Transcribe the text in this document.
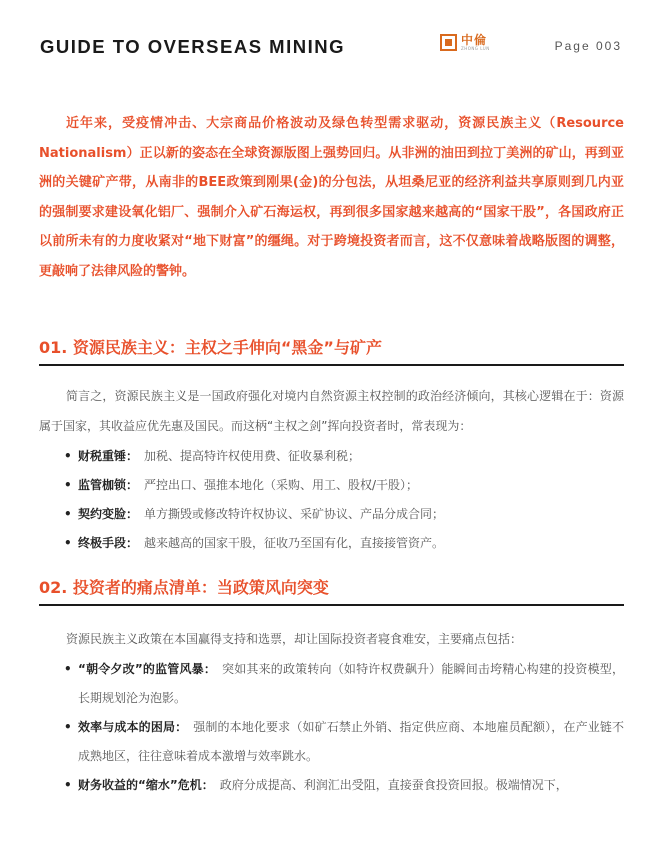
GUIDE TO OVERSEAS MINING	中倫
ZHONG LUN	Page 003

近年来，受疫情冲击、大宗商品价格波动及绿色转型需求驱动，资源民族主义（Resource Nationalism）正以新的姿态在全球资源版图上强势回归。从非洲的油田到拉丁美洲的矿山，再到亚洲的关键矿产带，从南非的BEE政策到刚果(金)的分包法，从坦桑尼亚的经济利益共享原则到几内亚的强制要求建设氧化铝厂、强制介入矿石海运权，再到很多国家越来越高的“国家干股”，各国政府正以前所未有的力度收紧对“地下财富”的缰绳。对于跨境投资者而言，这不仅意味着战略版图的调整，更敲响了法律风险的警钟。

01. 资源民族主义：主权之手伸向“黑金”与矿产

简言之，资源民族主义是一国政府强化对境内自然资源主权控制的政治经济倾向，其核心逻辑在于：资源属于国家，其收益应优先惠及国民。而这柄“主权之剑”挥向投资者时，常表现为：

• 财税重锤： 加税、提高特许权使用费、征收暴利税；
• 监管枷锁： 严控出口、强推本地化（采购、用工、股权/干股）；
• 契约变脸： 单方撕毁或修改特许权协议、采矿协议、产品分成合同；
• 终极手段： 越来越高的国家干股，征收乃至国有化，直接接管资产。
02. 投资者的痛点清单：当政策风向突变

资源民族主义政策在本国赢得支持和选票，却让国际投资者寝食难安，主要痛点包括：

• “朝令夕改”的监管风暴： 突如其来的政策转向（如特许权费飙升）能瞬间击垮精心构建的投资模型，长期规划沦为泡影。
• 效率与成本的困局： 强制的本地化要求（如矿石禁止外销、指定供应商、本地雇员配额），在产业链不成熟地区，往往意味着成本激增与效率跳水。
• 财务收益的“缩水”危机： 政府分成提高、利润汇出受阻，直接蚕食投资回报。极端情况下，
